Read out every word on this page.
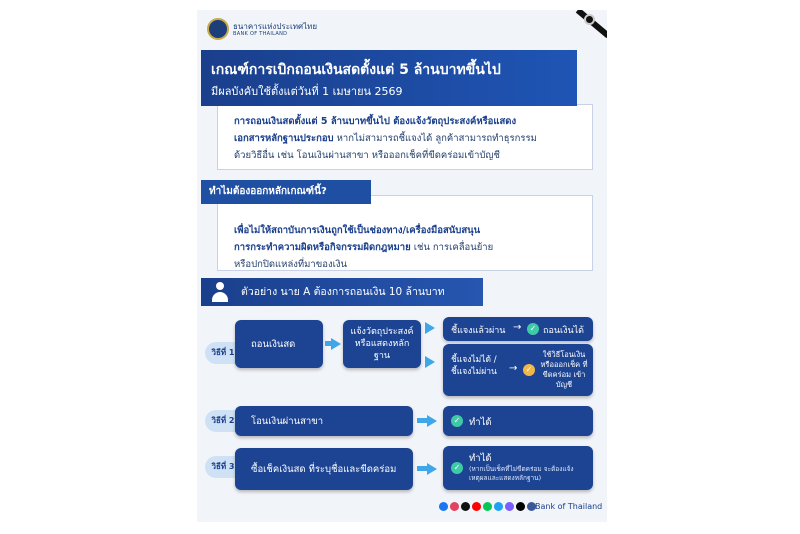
ธนาคารแห่งประเทศไทย
BANK OF THAILAND
การถอนเงินสดตั้งแต่ 5 ล้านบาทขึ้นไป ต้องแจ้งวัตถุประสงค์หรือแสดง
เอกสารหลักฐานประกอบ หากไม่สามารถชี้แจงได้ ลูกค้าสามารถทำธุรกรรม
ด้วยวิธีอื่น เช่น โอนเงินผ่านสาขา หรือออกเช็คที่ขีดคร่อมเข้าบัญชี
เกณฑ์การเบิกถอนเงินสดตั้งแต่ 5 ล้านบาทขึ้นไป
มีผลบังคับใช้ตั้งแต่วันที่ 1 เมษายน 2569
เพื่อไม่ให้สถาบันการเงินถูกใช้เป็นช่องทาง/เครื่องมือสนับสนุน
การกระทำความผิดหรือกิจกรรมผิดกฎหมาย เช่น การเคลื่อนย้าย
หรือปกปิดแหล่งที่มาของเงิน
ทำไมต้องออกหลักเกณฑ์นี้?
ตัวอย่าง นาย A ต้องการถอนเงิน 10 ล้านบาท
วิธีที่ 1
ถอนเงินสด
แจ้งวัตถุประสงค์หรือแสดงหลักฐาน
ชี้แจงแล้วผ่าน →	✓ ถอนเงินได้
ชี้แจงไม่ได้ / ชี้แจงไม่ผ่าน	→	✓
ใช้วิธีโอนเงิน หรือออกเช็ค ที่ขีดคร่อม เข้าบัญชี
วิธีที่ 2	โอนเงินผ่านสาขา	✓ ทำได้
วิธีที่ 3	ซื้อเช็คเงินสด ที่ระบุชื่อและขีดคร่อม	✓
ทำได้
(หากเป็นเช็คที่ไม่ขีดคร่อม จะต้องแจ้งเหตุผลและแสดงหลักฐาน)
Bank of Thailand
